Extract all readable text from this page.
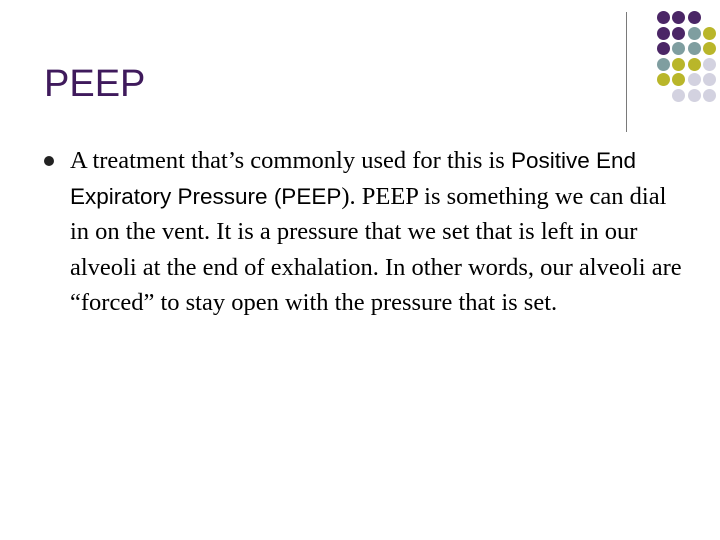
PEEP

A treatment that’s commonly used for this is Positive End Expiratory Pressure (PEEP). PEEP is something we can dial in on the vent. It is a pressure that we set that is left in our alveoli at the end of exhalation. In other words, our alveoli are “forced” to stay open with the pressure that is set.
